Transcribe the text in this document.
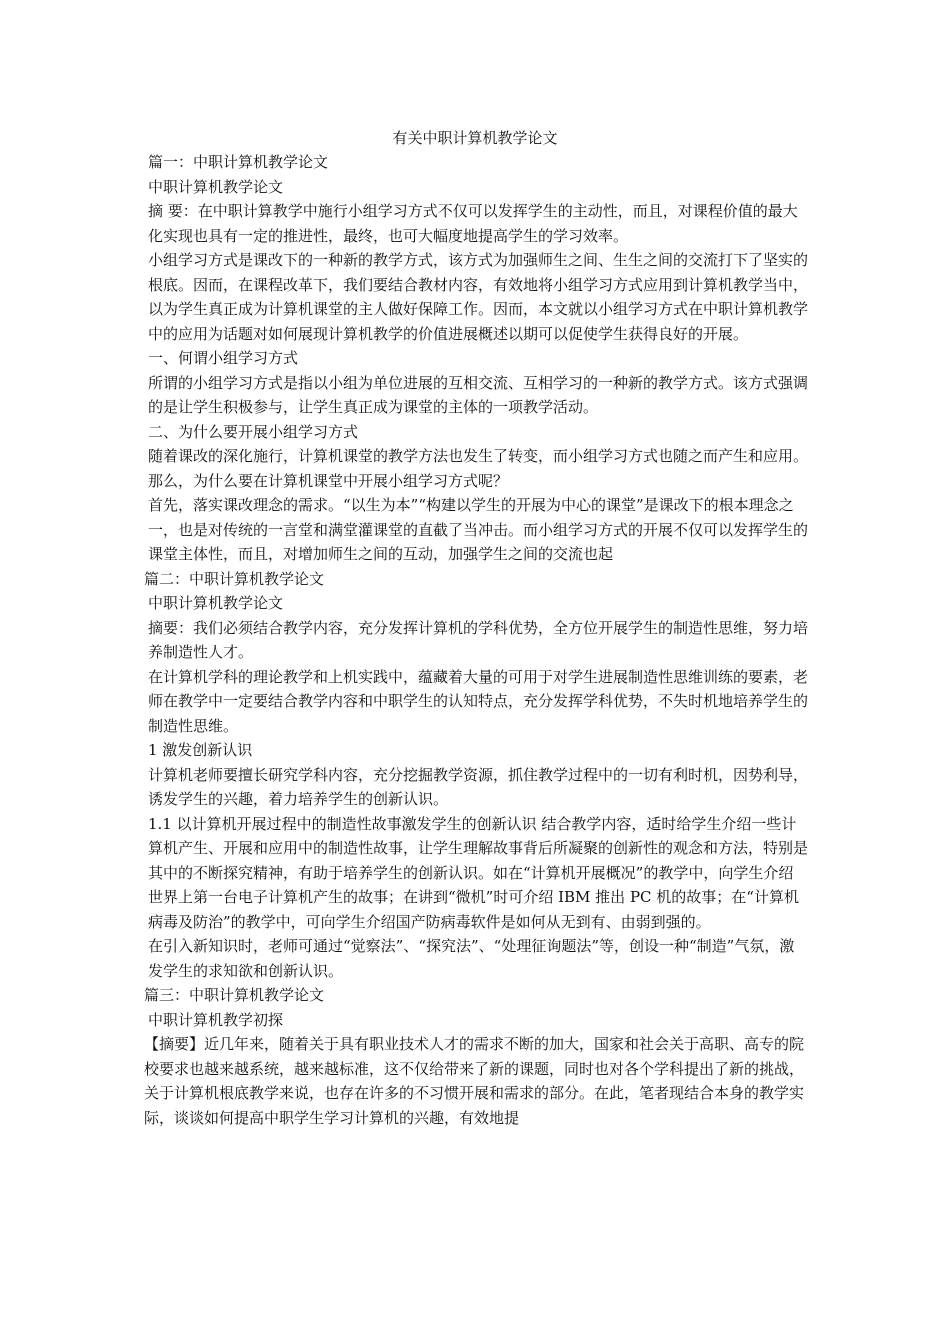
有关中职计算机教学论文

篇一：中职计算机教学论文

中职计算机教学论文

摘 要：在中职计算教学中施行小组学习方式不仅可以发挥学生的主动性，而且，对课程价值的最大化实现也具有一定的推进性，最终，也可大幅度地提高学生的学习效率。

小组学习方式是课改下的一种新的教学方式，该方式为加强师生之间、生生之间的交流打下了坚实的根底。因而，在课程改革下，我们要结合教材内容，有效地将小组学习方式应用到计算机教学当中，以为学生真正成为计算机课堂的主人做好保障工作。因而，本文就以小组学习方式在中职计算机教学中的应用为话题对如何展现计算机教学的价值进展概述以期可以促使学生获得良好的开展。

一、何谓小组学习方式

所谓的小组学习方式是指以小组为单位进展的互相交流、互相学习的一种新的教学方式。该方式强调的是让学生积极参与，让学生真正成为课堂的主体的一项教学活动。

二、为什么要开展小组学习方式

随着课改的深化施行，计算机课堂的教学方法也发生了转变，而小组学习方式也随之而产生和应用。那么，为什么要在计算机课堂中开展小组学习方式呢？

首先，落实课改理念的需求。“以生为本”“构建以学生的开展为中心的课堂”是课改下的根本理念之一，也是对传统的一言堂和满堂灌课堂的直截了当冲击。而小组学习方式的开展不仅可以发挥学生的课堂主体性，而且，对增加师生之间的互动，加强学生之间的交流也起

篇二：中职计算机教学论文

中职计算机教学论文

摘要：我们必须结合教学内容，充分发挥计算机的学科优势，全方位开展学生的制造性思维，努力培养制造性人才。

在计算机学科的理论教学和上机实践中，蕴藏着大量的可用于对学生进展制造性思维训练的要素，老师在教学中一定要结合教学内容和中职学生的认知特点，充分发挥学科优势，不失时机地培养学生的制造性思维。

1 激发创新认识

计算机老师要擅长研究学科内容，充分挖掘教学资源，抓住教学过程中的一切有利时机，因势利导，诱发学生的兴趣，着力培养学生的创新认识。

1.1 以计算机开展过程中的制造性故事激发学生的创新认识 结合教学内容，适时给学生介绍一些计算机产生、开展和应用中的制造性故事，让学生理解故事背后所凝聚的创新性的观念和方法，特别是其中的不断探究精神，有助于培养学生的创新认识。如在“计算机开展概况”的教学中，向学生介绍世界上第一台电子计算机产生的故事；在讲到“微机”时可介绍 IBM 推出 PC 机的故事；在“计算机病毒及防治”的教学中，可向学生介绍国产防病毒软件是如何从无到有、由弱到强的。

在引入新知识时，老师可通过“觉察法”、“探究法”、“处理征询题法”等，创设一种“制造”气氛，激发学生的求知欲和创新认识。

篇三：中职计算机教学论文

中职计算机教学初探

【摘要】近几年来，随着关于具有职业技术人才的需求不断的加大，国家和社会关于高职、高专的院校要求也越来越系统，越来越标准，这不仅给带来了新的课题，同时也对各个学科提出了新的挑战，关于计算机根底教学来说，也存在许多的不习惯开展和需求的部分。在此，笔者现结合本身的教学实际，谈谈如何提高中职学生学习计算机的兴趣，有效地提
